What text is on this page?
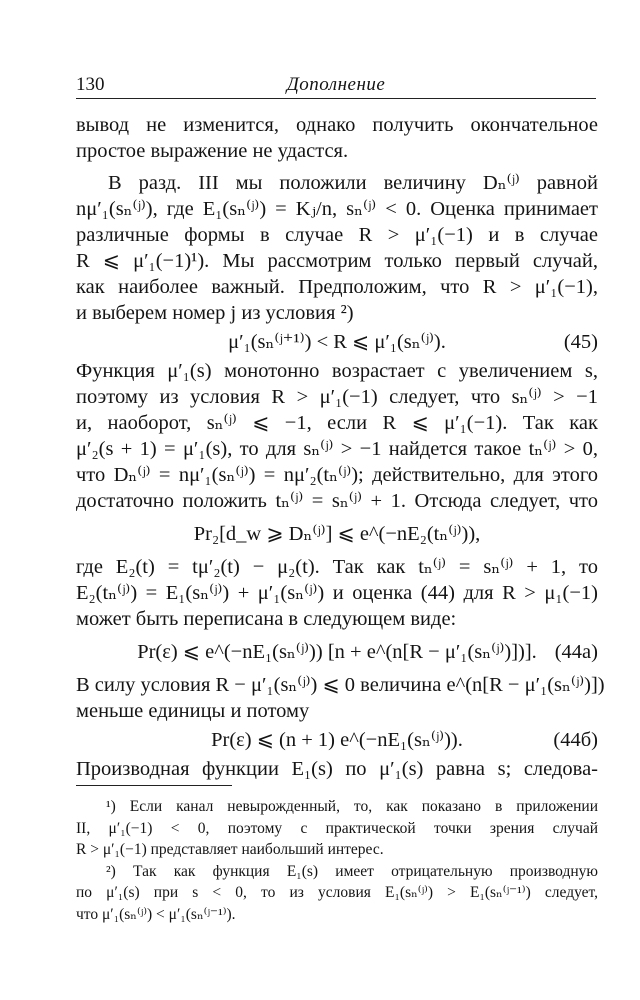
130	Дополнение
вывод не изменится, однако получить окончательное
простое выражение не удастся.
В разд. III мы положили величину Dₙ⁽ʲ⁾ равной
nμ′₁(sₙ⁽ʲ⁾), где E₁(sₙ⁽ʲ⁾) = Kⱼ/n, sₙ⁽ʲ⁾ < 0. Оценка принимает
различные формы в случае R > μ′₁(−1) и в случае
R ⩽ μ′₁(−1)¹). Мы рассмотрим только первый случай,
как наиболее важный. Предположим, что R > μ′₁(−1),
и выберем номер j из условия ²)
μ′₁(sₙ⁽ʲ⁺¹⁾) < R ⩽ μ′₁(sₙ⁽ʲ⁾).	(45)
Функция μ′₁(s) монотонно возрастает с увеличением s,
поэтому из условия R > μ′₁(−1) следует, что sₙ⁽ʲ⁾ > −1
и, наоборот, sₙ⁽ʲ⁾ ⩽ −1, если R ⩽ μ′₁(−1). Так как
μ′₂(s + 1) = μ′₁(s), то для sₙ⁽ʲ⁾ > −1 найдется такое tₙ⁽ʲ⁾ > 0,
что Dₙ⁽ʲ⁾ = nμ′₁(sₙ⁽ʲ⁾) = nμ′₂(tₙ⁽ʲ⁾); действительно, для этого
достаточно положить tₙ⁽ʲ⁾ = sₙ⁽ʲ⁾ + 1. Отсюда следует, что
Pr₂[d_w ⩾ Dₙ⁽ʲ⁾] ⩽ e^(−nE₂(tₙ⁽ʲ⁾)),
где E₂(t) = tμ′₂(t) − μ₂(t). Так как tₙ⁽ʲ⁾ = sₙ⁽ʲ⁾ + 1, то
E₂(tₙ⁽ʲ⁾) = E₁(sₙ⁽ʲ⁾) + μ′₁(sₙ⁽ʲ⁾) и оценка (44) для R > μ₁(−1)
может быть переписана в следующем виде:
Pr(ε) ⩽ e^(−nE₁(sₙ⁽ʲ⁾)) [n + e^(n[R − μ′₁(sₙ⁽ʲ⁾)])]. (44а)
В силу условия R − μ′₁(sₙ⁽ʲ⁾) ⩽ 0 величина e^(n[R − μ′₁(sₙ⁽ʲ⁾)])
меньше единицы и потому
Pr(ε) ⩽ (n + 1) e^(−nE₁(sₙ⁽ʲ⁾)).	(44б)
Производная функции E₁(s) по μ′₁(s) равна s; следова-
¹) Если канал невырожденный, то, как показано в приложении
II, μ′₁(−1) < 0, поэтому с практической точки зрения случай
R > μ′₁(−1) представляет наибольший интерес.
²) Так как функция E₁(s) имеет отрицательную производную
по μ′₁(s) при s < 0, то из условия E₁(sₙ⁽ʲ⁾) > E₁(sₙ⁽ʲ⁻¹⁾) следует,
что μ′₁(sₙ⁽ʲ⁾) < μ′₁(sₙ⁽ʲ⁻¹⁾).
